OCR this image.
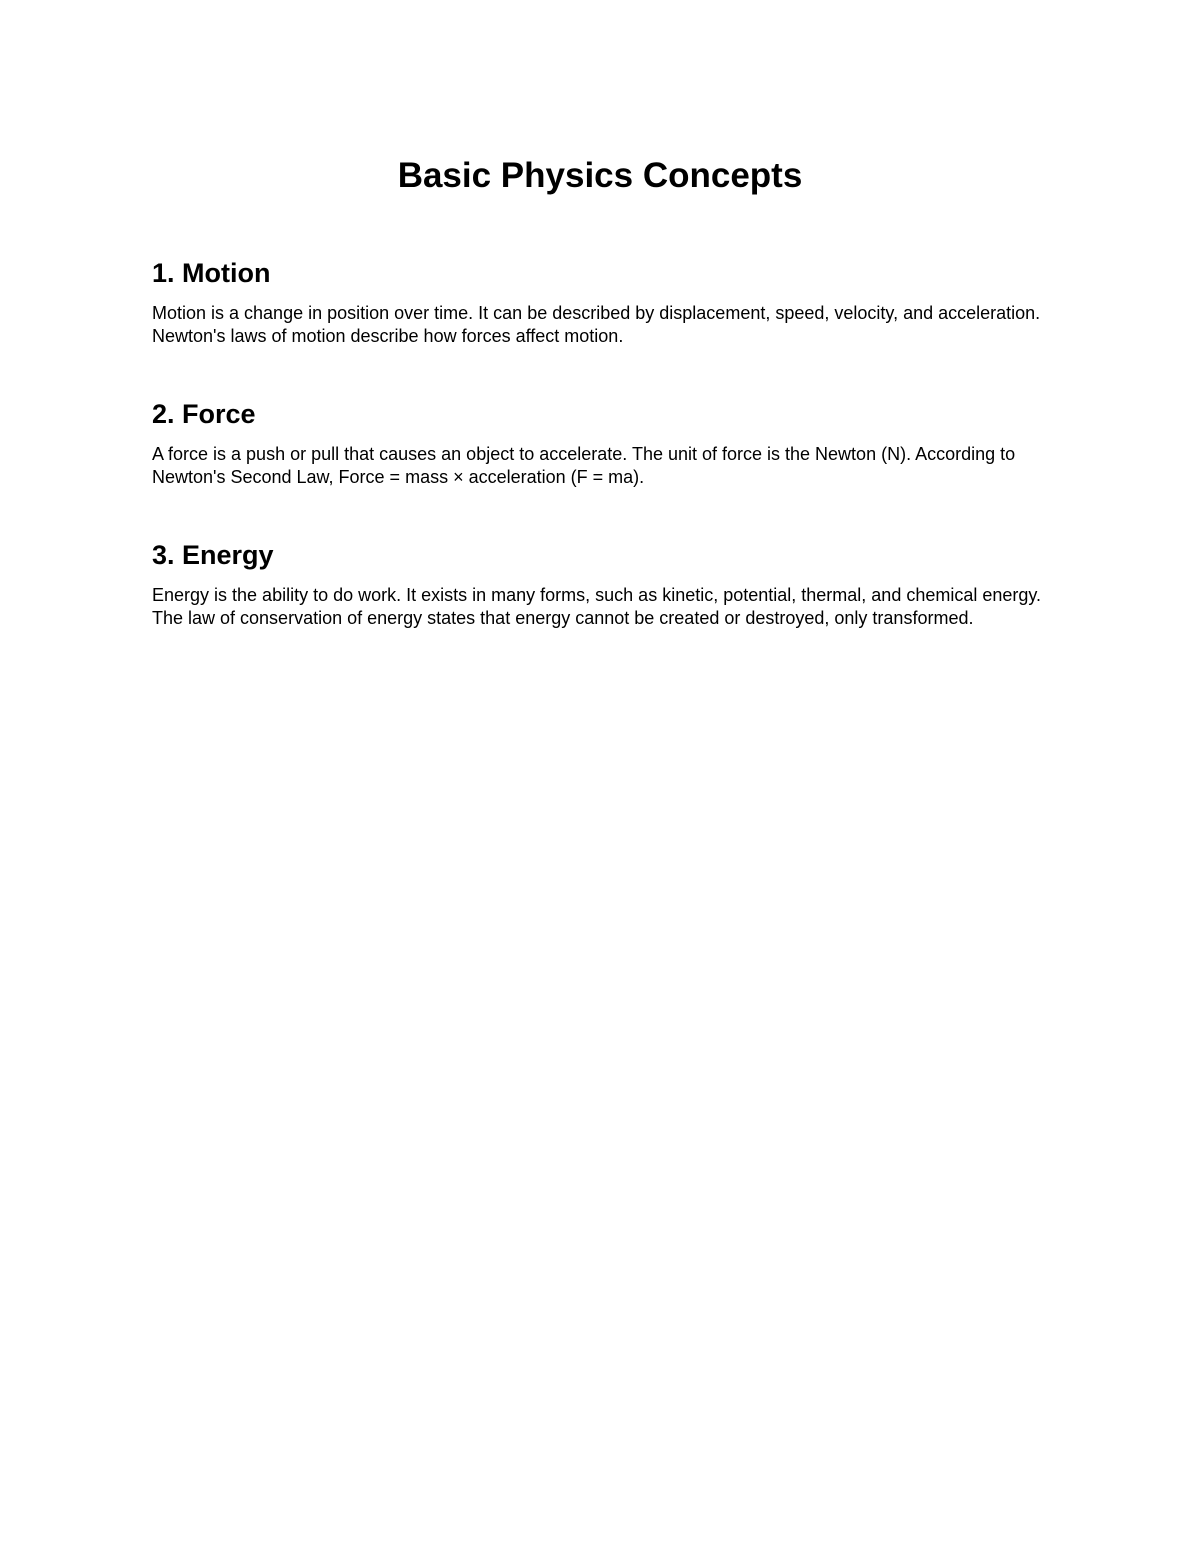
Basic Physics Concepts
1. Motion

Motion is a change in position over time. It can be described by displacement, speed, velocity, and acceleration. Newton's laws of motion describe how forces affect motion.

2. Force

A force is a push or pull that causes an object to accelerate. The unit of force is the Newton (N). According to Newton's Second Law, Force = mass × acceleration (F = ma).

3. Energy

Energy is the ability to do work. It exists in many forms, such as kinetic, potential, thermal, and chemical energy. The law of conservation of energy states that energy cannot be created or destroyed, only transformed.
